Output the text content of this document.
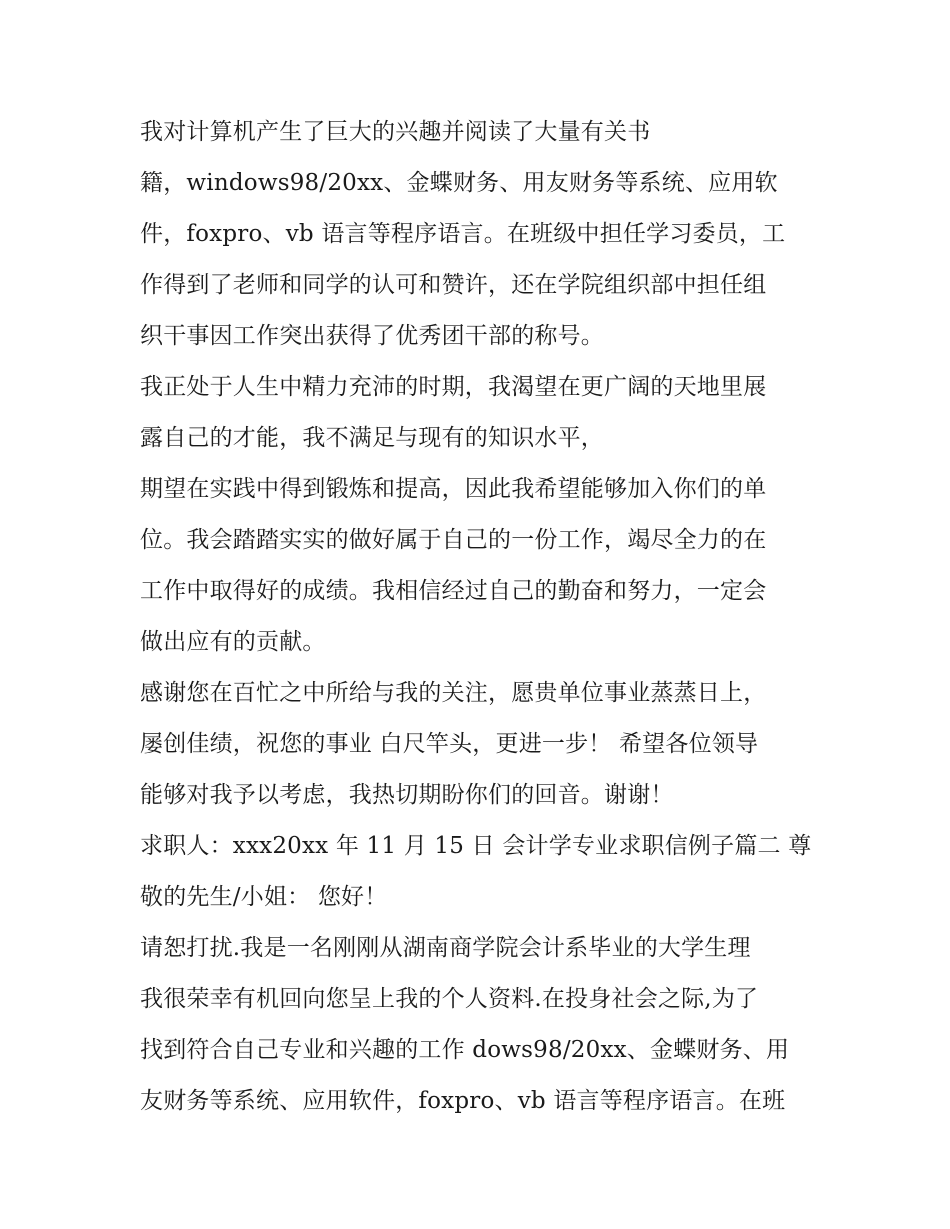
我对计算机产生了巨大的兴趣并阅读了大量有关书
籍，windows98/20xx、金蝶财务、用友财务等系统、应用软
件，foxpro、vb 语言等程序语言。在班级中担任学习委员，工
作得到了老师和同学的认可和赞许，还在学院组织部中担任组
织干事因工作突出获得了优秀团干部的称号。
我正处于人生中精力充沛的时期，我渴望在更广阔的天地里展
露自己的才能，我不满足与现有的知识水平，
期望在实践中得到锻炼和提高，因此我希望能够加入你们的单
位。我会踏踏实实的做好属于自己的一份工作，竭尽全力的在
工作中取得好的成绩。我相信经过自己的勤奋和努力，一定会
做出应有的贡献。
感谢您在百忙之中所给与我的关注，愿贵单位事业蒸蒸日上，
屡创佳绩，祝您的事业 白尺竿头，更进一步！ 希望各位领导
能够对我予以考虑，我热切期盼你们的回音。谢谢！
求职人：xxx20xx 年 11 月 15 日 会计学专业求职信例子篇二 尊
敬的先生/小姐： 您好！
请恕打扰.我是一名刚刚从湖南商学院会计系毕业的大学生理
我很荣幸有机回向您呈上我的个人资料.在投身社会之际,为了
找到符合自己专业和兴趣的工作 dows98/20xx、金蝶财务、用
友财务等系统、应用软件，foxpro、vb 语言等程序语言。在班
